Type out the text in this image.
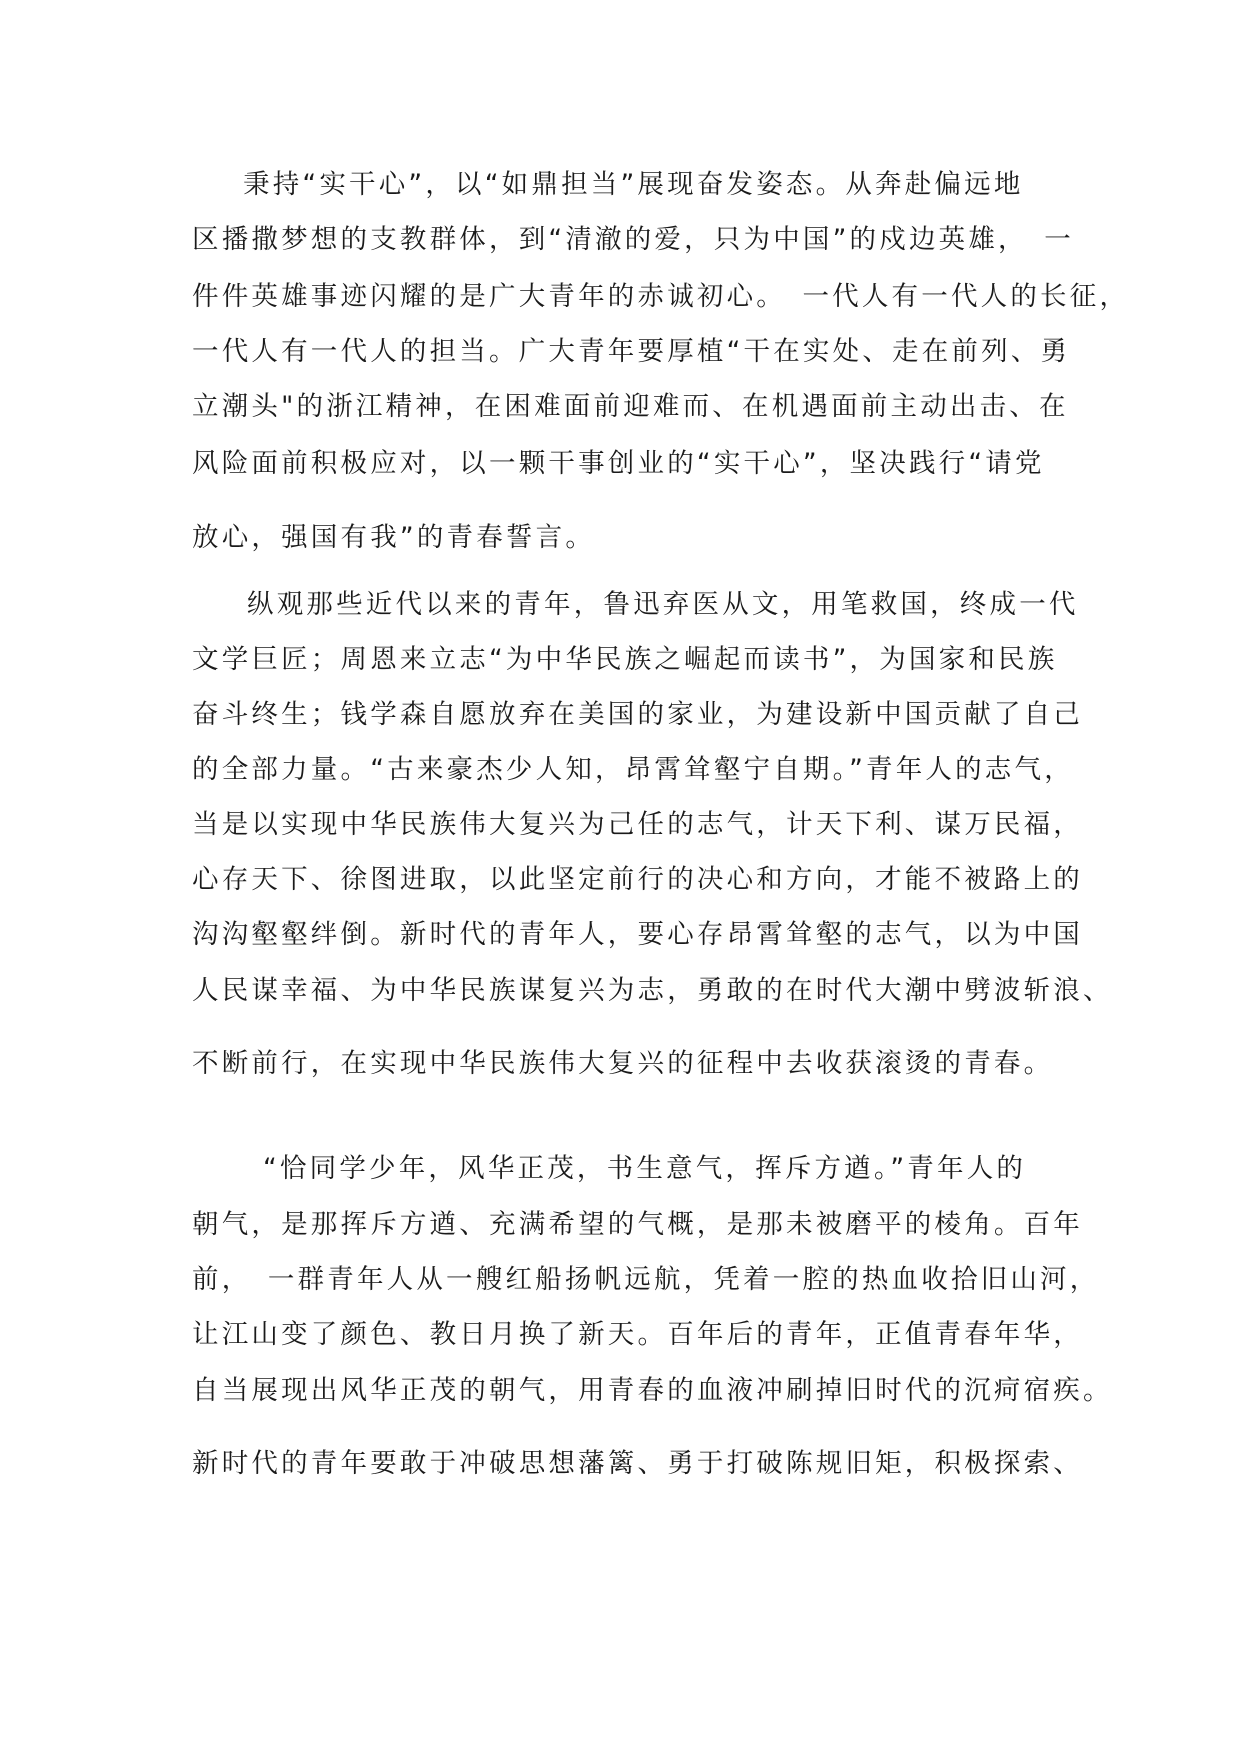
秉持“实干心”，以“如鼎担当”展现奋发姿态。从奔赴偏远地
区播撒梦想的支教群体，到“清澈的爱，只为中国”的戍边英雄，　一
件件英雄事迹闪耀的是广大青年的赤诚初心。　一代人有一代人的长征，
一代人有一代人的担当。广大青年要厚植“干在实处、走在前列、勇
立潮头"的浙江精神，在困难面前迎难而、在机遇面前主动出击、在
风险面前积极应对，以一颗干事创业的“实干心”，坚决践行“请党
放心，强国有我”的青春誓言。
纵观那些近代以来的青年，鲁迅弃医从文，用笔救国，终成一代
文学巨匠；周恩来立志“为中华民族之崛起而读书”，为国家和民族
奋斗终生；钱学森自愿放弃在美国的家业，为建设新中国贡献了自己
的全部力量。“古来豪杰少人知，昂霄耸壑宁自期。”青年人的志气，
当是以实现中华民族伟大复兴为己任的志气，计天下利、谋万民福，
心存天下、徐图进取，以此坚定前行的决心和方向，才能不被路上的
沟沟壑壑绊倒。新时代的青年人，要心存昂霄耸壑的志气，以为中国
人民谋幸福、为中华民族谋复兴为志，勇敢的在时代大潮中劈波斩浪、
不断前行，在实现中华民族伟大复兴的征程中去收获滚烫的青春。
“恰同学少年，风华正茂，书生意气，挥斥方遒。”青年人的
朝气，是那挥斥方遒、充满希望的气概，是那未被磨平的棱角。百年
前，　一群青年人从一艘红船扬帆远航，凭着一腔的热血收拾旧山河，
让江山变了颜色、教日月换了新天。百年后的青年，正值青春年华，
自当展现出风华正茂的朝气，用青春的血液冲刷掉旧时代的沉疴宿疾。
新时代的青年要敢于冲破思想藩篱、勇于打破陈规旧矩，积极探索、
